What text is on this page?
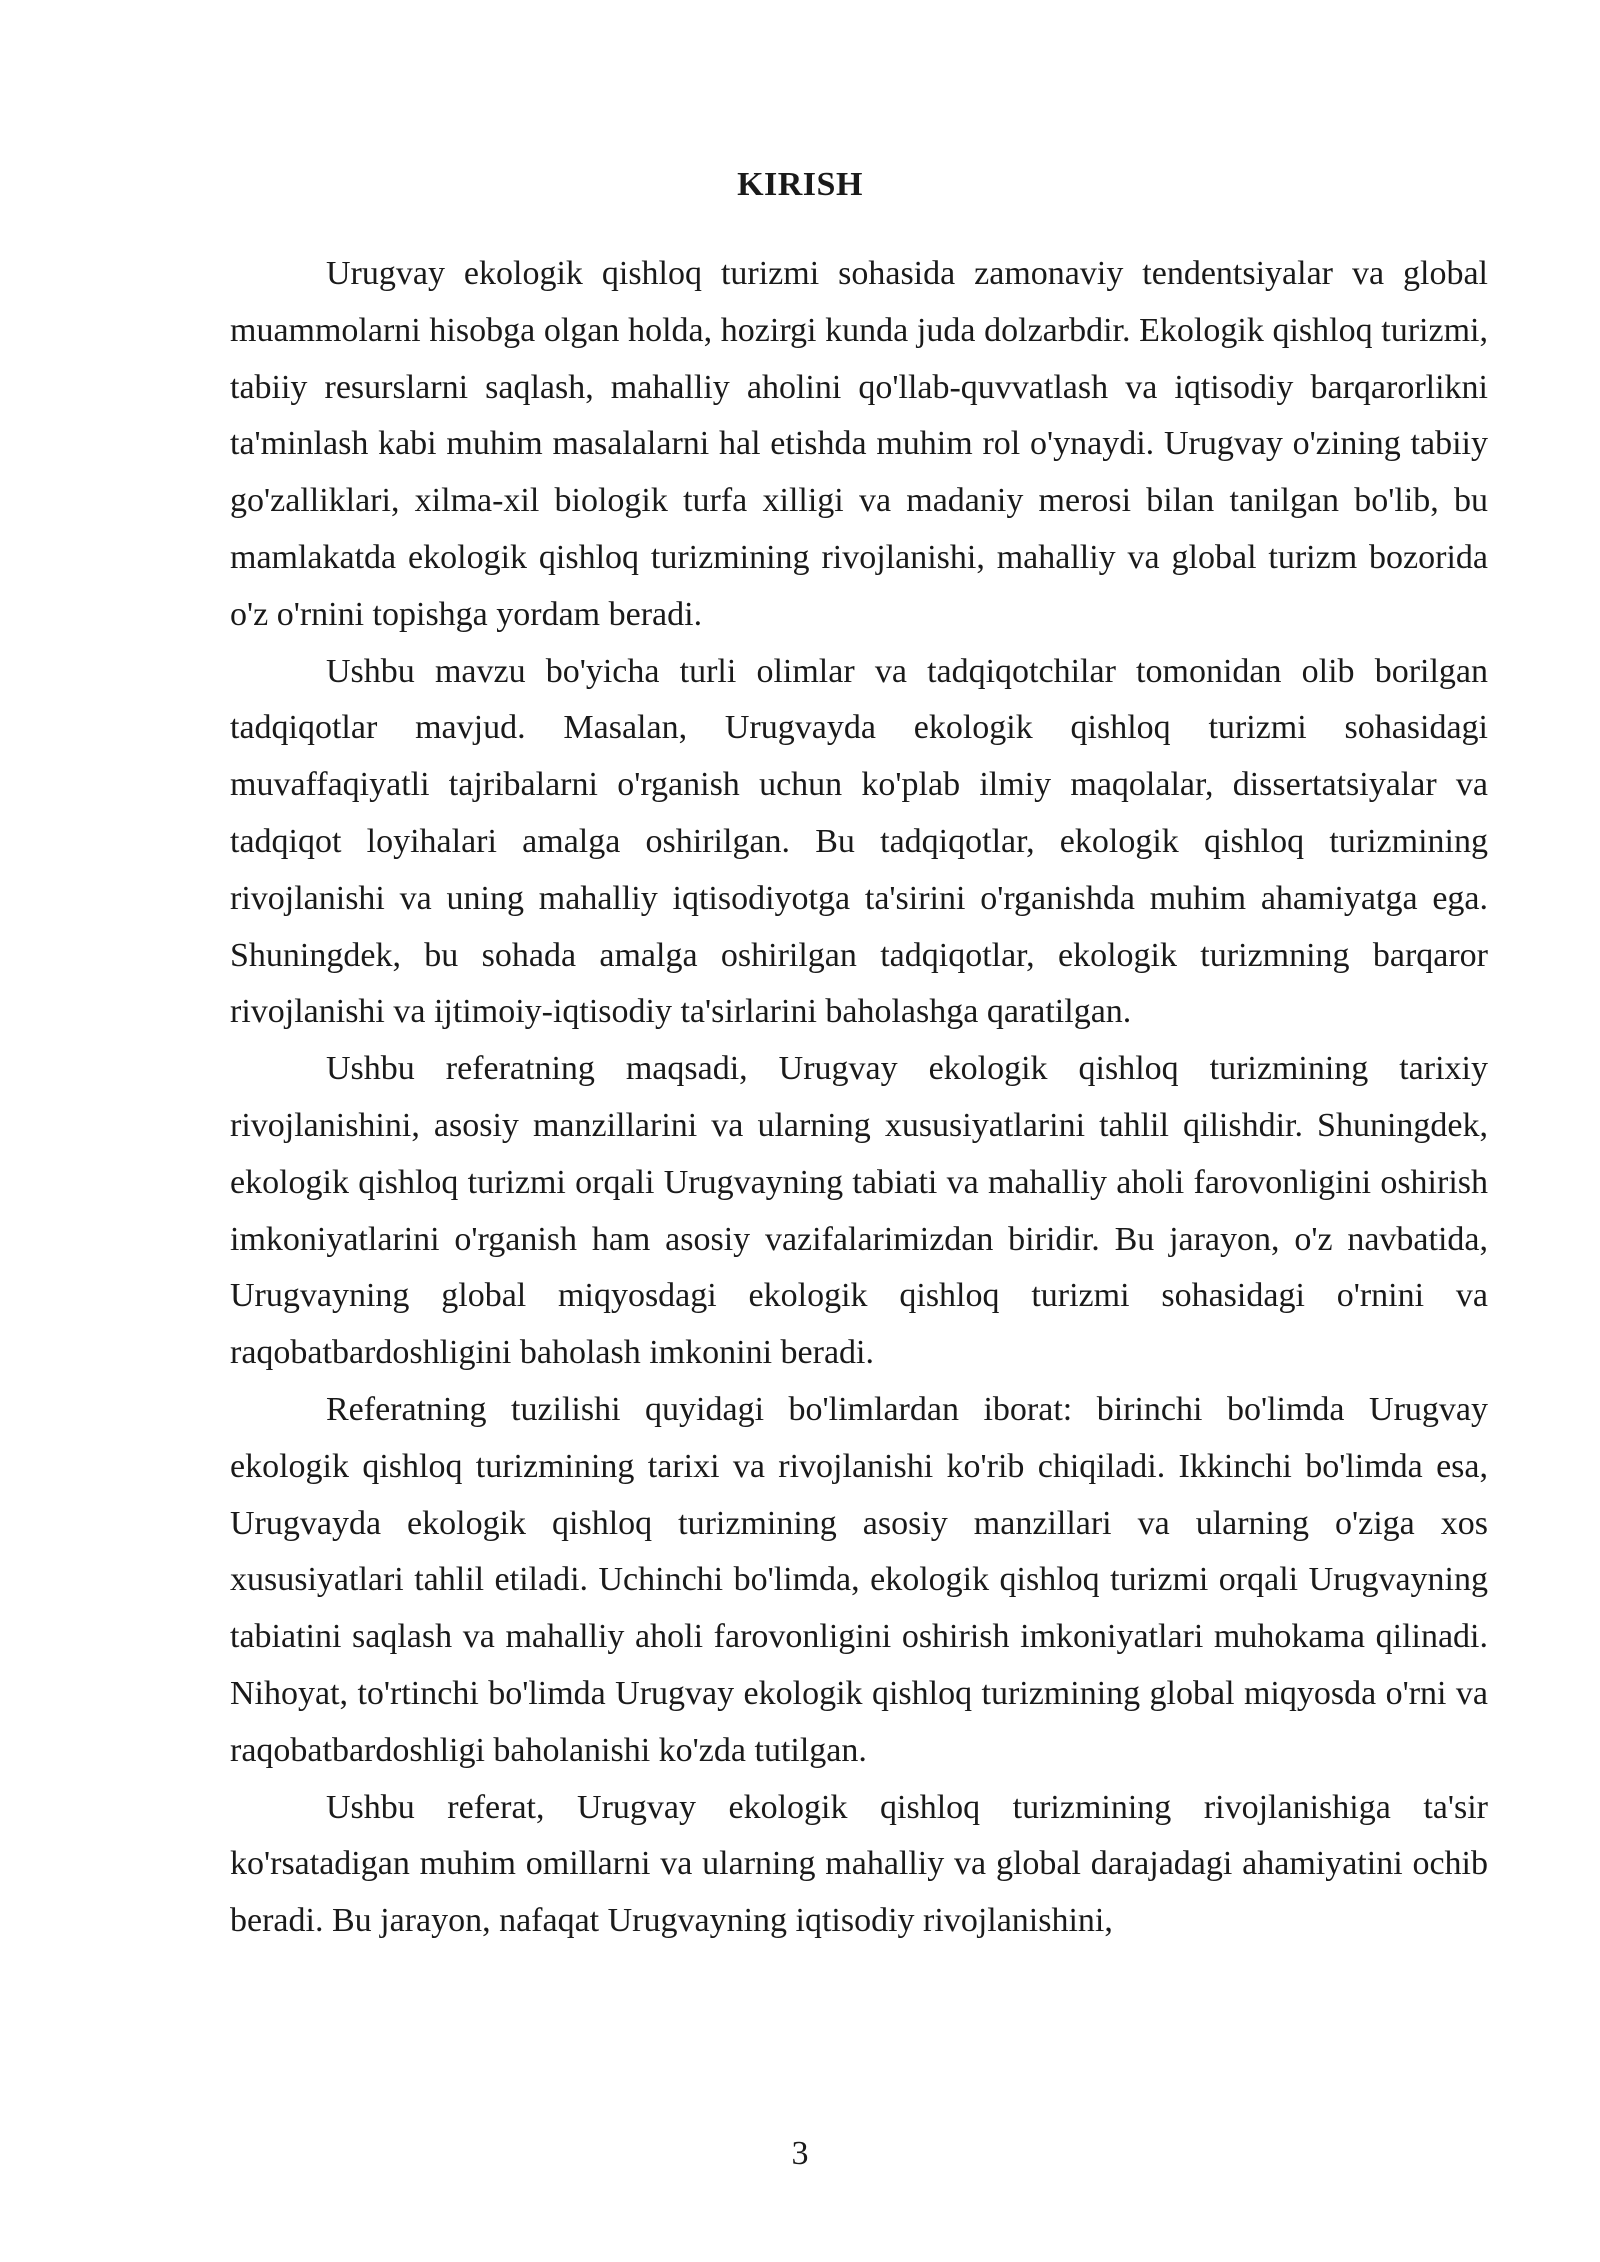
KIRISH

Urugvay ekologik qishloq turizmi sohasida zamonaviy tendentsiyalar va global muammolarni hisobga olgan holda, hozirgi kunda juda dolzarbdir. Ekologik qishloq turizmi, tabiiy resurslarni saqlash, mahalliy aholini qo'llab-quvvatlash va iqtisodiy barqarorlikni ta'minlash kabi muhim masalalarni hal etishda muhim rol o'ynaydi. Urugvay o'zining tabiiy go'zalliklari, xilma-xil biologik turfa xilligi va madaniy merosi bilan tanilgan bo'lib, bu mamlakatda ekologik qishloq turizmining rivojlanishi, mahalliy va global turizm bozorida o'z o'rnini topishga yordam beradi.

Ushbu mavzu bo'yicha turli olimlar va tadqiqotchilar tomonidan olib borilgan tadqiqotlar mavjud. Masalan, Urugvayda ekologik qishloq turizmi sohasidagi muvaffaqiyatli tajribalarni o'rganish uchun ko'plab ilmiy maqolalar, dissertatsiyalar va tadqiqot loyihalari amalga oshirilgan. Bu tadqiqotlar, ekologik qishloq turizmining rivojlanishi va uning mahalliy iqtisodiyotga ta'sirini o'rganishda muhim ahamiyatga ega. Shuningdek, bu sohada amalga oshirilgan tadqiqotlar, ekologik turizmning barqaror rivojlanishi va ijtimoiy-iqtisodiy ta'sirlarini baholashga qaratilgan.

Ushbu referatning maqsadi, Urugvay ekologik qishloq turizmining tarixiy rivojlanishini, asosiy manzillarini va ularning xususiyatlarini tahlil qilishdir. Shuningdek, ekologik qishloq turizmi orqali Urugvayning tabiati va mahalliy aholi farovonligini oshirish imkoniyatlarini o'rganish ham asosiy vazifalarimizdan biridir. Bu jarayon, o'z navbatida, Urugvayning global miqyosdagi ekologik qishloq turizmi sohasidagi o'rnini va raqobatbardoshligini baholash imkonini beradi.

Referatning tuzilishi quyidagi bo'limlardan iborat: birinchi bo'limda Urugvay ekologik qishloq turizmining tarixi va rivojlanishi ko'rib chiqiladi. Ikkinchi bo'limda esa, Urugvayda ekologik qishloq turizmining asosiy manzillari va ularning o'ziga xos xususiyatlari tahlil etiladi. Uchinchi bo'limda, ekologik qishloq turizmi orqali Urugvayning tabiatini saqlash va mahalliy aholi farovonligini oshirish imkoniyatlari muhokama qilinadi. Nihoyat, to'rtinchi bo'limda Urugvay ekologik qishloq turizmining global miqyosda o'rni va raqobatbardoshligi baholanishi ko'zda tutilgan.

Ushbu referat, Urugvay ekologik qishloq turizmining rivojlanishiga ta'sir ko'rsatadigan muhim omillarni va ularning mahalliy va global darajadagi ahamiyatini ochib beradi. Bu jarayon, nafaqat Urugvayning iqtisodiy rivojlanishini,

3
